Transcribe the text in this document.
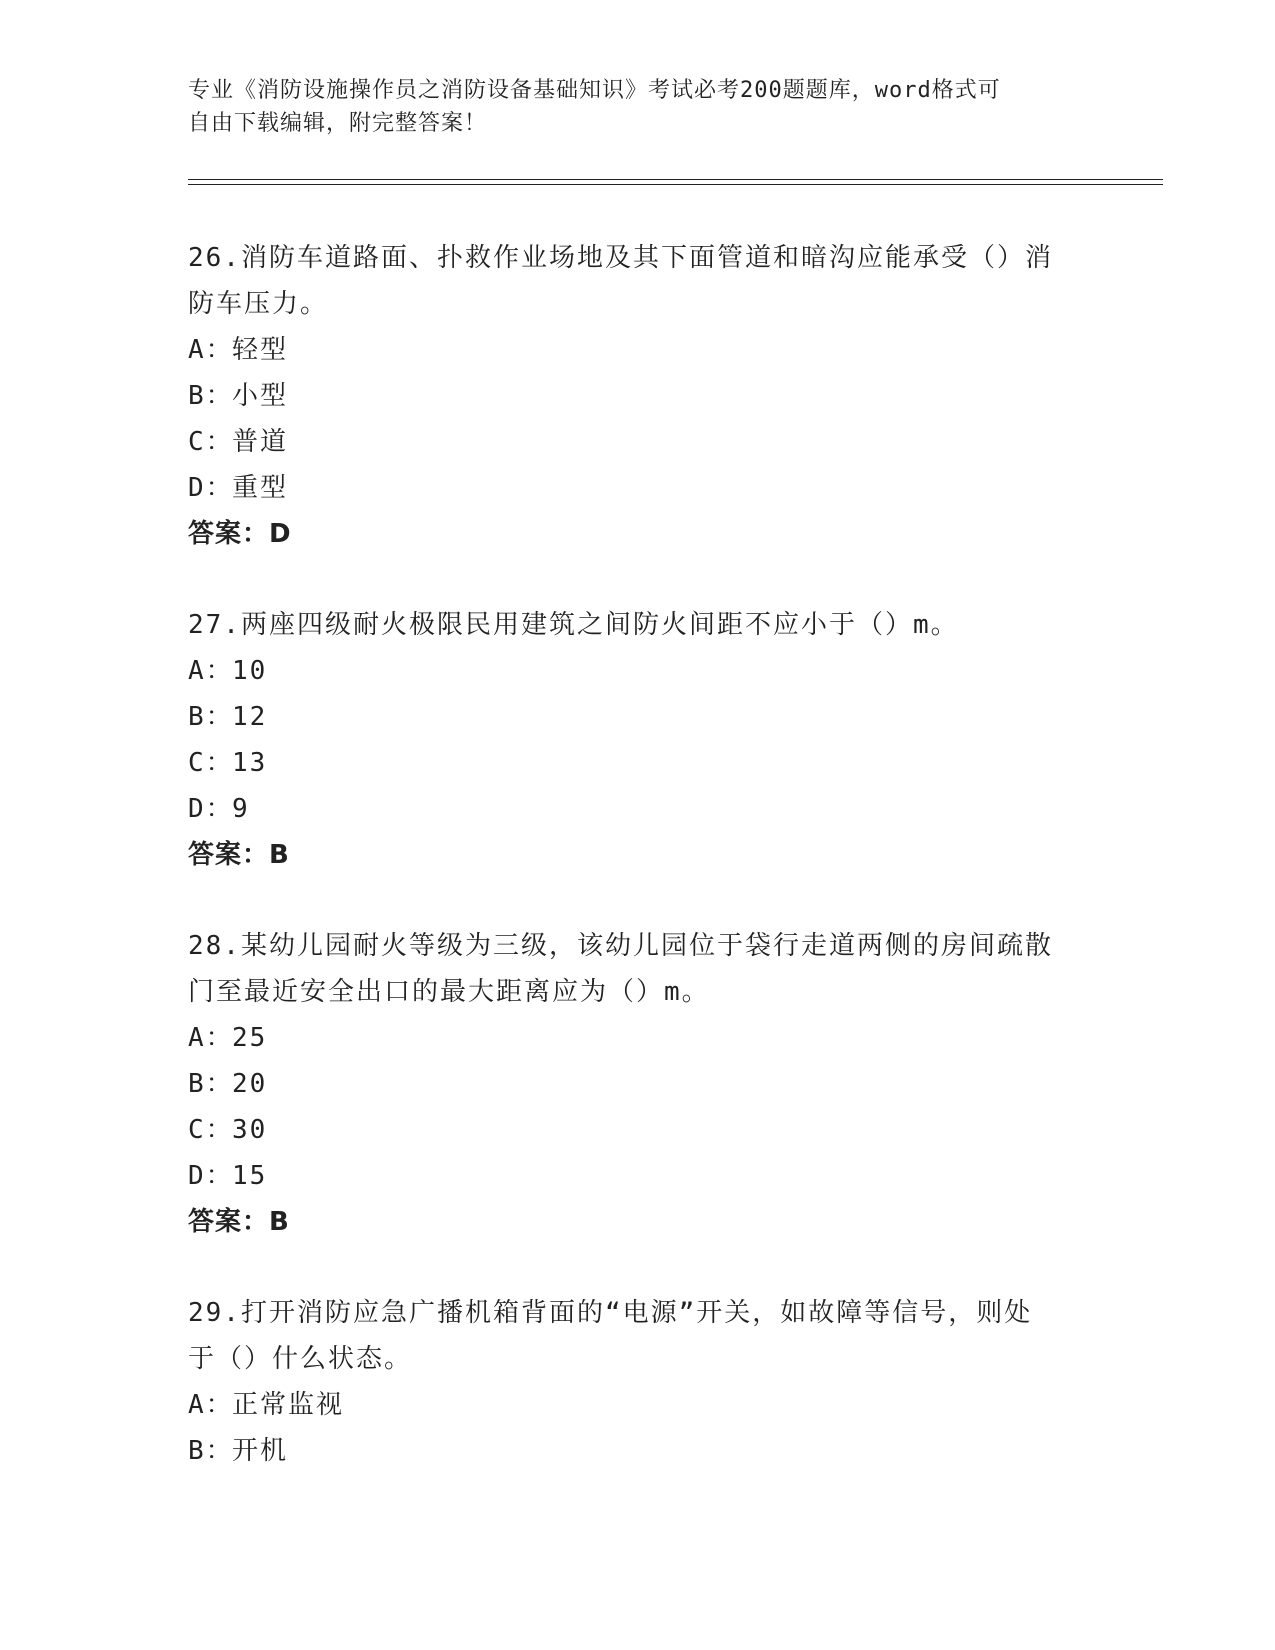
专业《消防设施操作员之消防设备基础知识》考试必考200题题库，word格式可
自由下载编辑，附完整答案！
26.消防车道路面、扑救作业场地及其下面管道和暗沟应能承受（）消
防车压力。
A：轻型
B：小型
C：普道
D：重型
答案：D
27.两座四级耐火极限民用建筑之间防火间距不应小于（）m。
A：10
B：12
C：13
D：9
答案：B
28.某幼儿园耐火等级为三级，该幼儿园位于袋行走道两侧的房间疏散
门至最近安全出口的最大距离应为（）m。
A：25
B：20
C：30
D：15
答案：B
29.打开消防应急广播机箱背面的“电源”开关，如故障等信号，则处
于（）什么状态。
A：正常监视
B：开机
